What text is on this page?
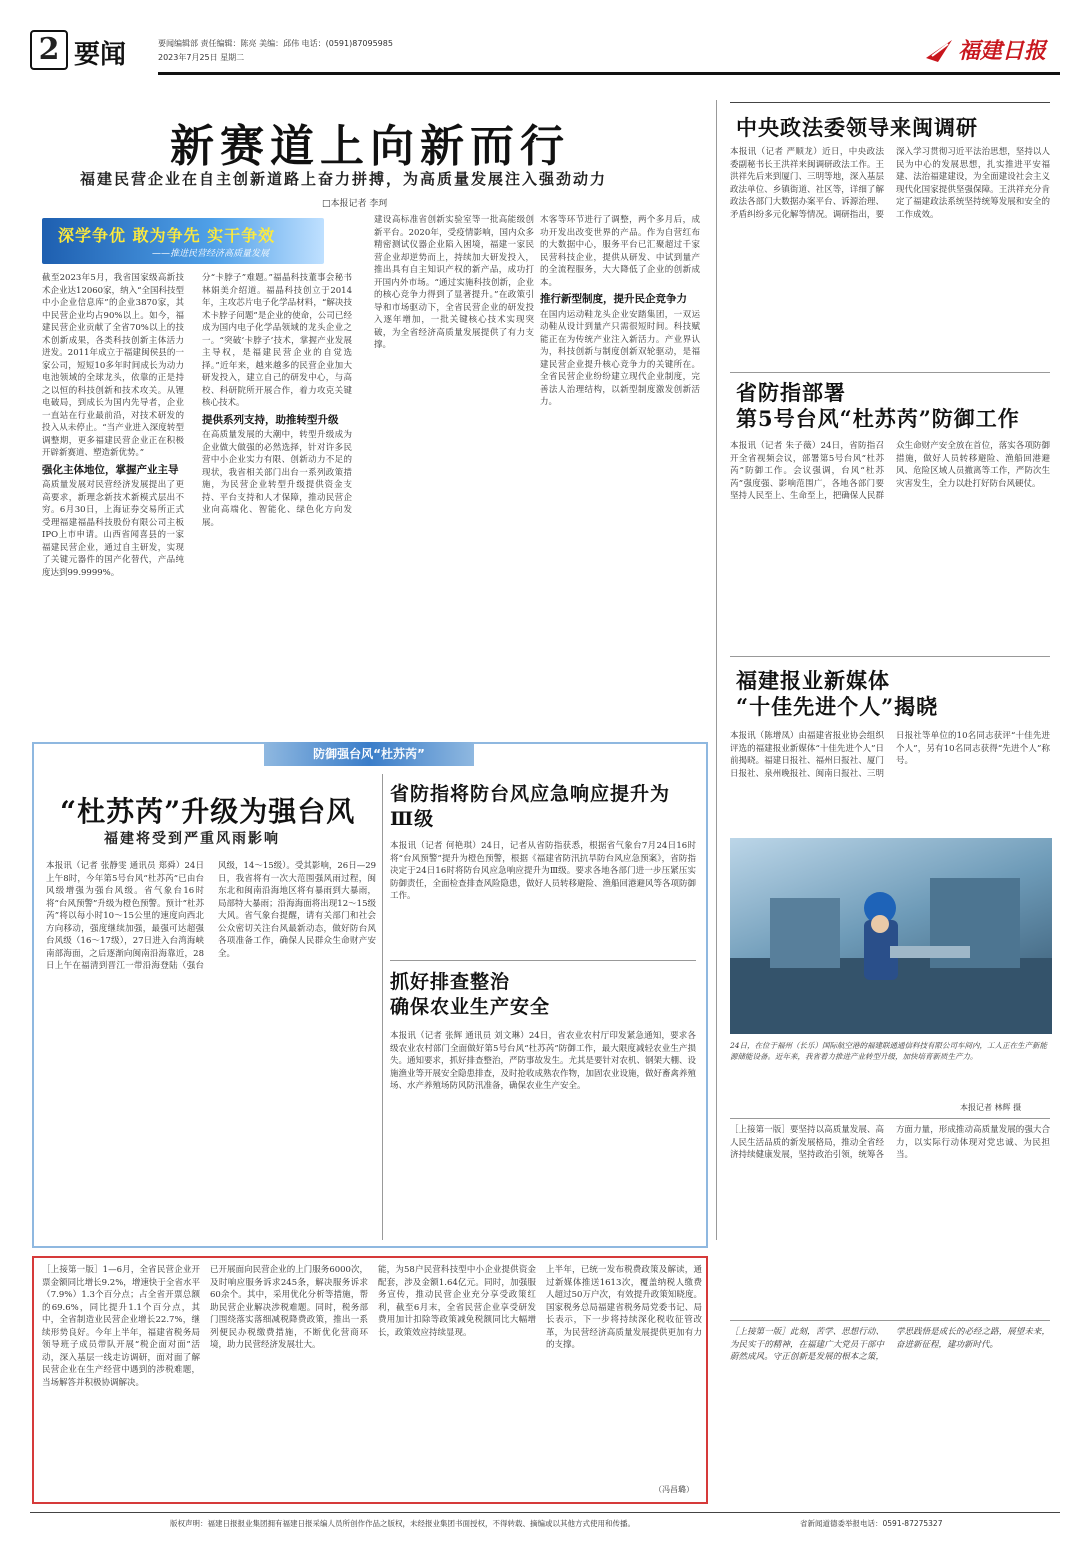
2 要闻	要闻编辑部 责任编辑：陈亮 美编：邱伟 电话：(0591)87095985
2023年7月25日 星期二	福建日报
新赛道上向新而行
福建民营企业在自主创新道路上奋力拼搏，为高质量发展注入强劲动力
□本报记者 李珂
深学争优 敢为争先 实干争效
——推进民营经济高质量发展
截至2023年5月，我省国家级高新技术企业达12060家，纳入“全国科技型中小企业信息库”的企业3870家，其中民营企业均占90%以上。如今，福建民营企业贡献了全省70%以上的技术创新成果，各类科技创新主体活力迸发。2011年成立于福建闽侯县的一家公司，短短10多年时间成长为动力电池领域的全球龙头，依靠的正是持之以恒的科技创新和技术攻关。从锂电破局，到成长为国内先导者，企业一直站在行业最前沿，对技术研发的投入从未停止。“当产业进入深度转型调整期，更多福建民营企业正在积极开辟新赛道、塑造新优势。”
强化主体地位，掌握产业主导
高质量发展对民营经济发展提出了更高要求，新理念新技术新模式层出不穷。6月30日，上海证券交易所正式受理福建福晶科技股份有限公司主板IPO上市申请。山西省闻喜县的一家福建民营企业，通过自主研发，实现了关键元器件的国产化替代，产品纯度达到99.9999%。
分“卡脖子”难题。”福晶科技董事会秘书林娟美介绍道。福晶科技创立于2014年，主攻芯片电子化学品材料，“解决技术卡脖子问题”是企业的使命，公司已经成为国内电子化学品领域的龙头企业之一。“突破‘卡脖子’技术，掌握产业发展主导权，是福建民营企业的自觉选择。”近年来，越来越多的民营企业加大研发投入，建立自己的研发中心，与高校、科研院所开展合作，着力攻克关键核心技术。
提供系列支持，助推转型升级
在高质量发展的大潮中，转型升级成为企业做大做强的必然选择，针对许多民营中小企业实力有限、创新动力不足的现状，我省相关部门出台一系列政策措施，为民营企业转型升级提供资金支持、平台支持和人才保障，推动民营企业向高端化、智能化、绿色化方向发展。
建设高标准省创新实验室等一批高能级创新平台。2020年，受疫情影响，国内众多精密测试仪器企业陷入困境，福建一家民营企业却逆势而上，持续加大研发投入，推出具有自主知识产权的新产品，成功打开国内外市场。“通过实施科技创新，企业的核心竞争力得到了显著提升。”在政策引导和市场驱动下，全省民营企业的研发投入逐年增加，一批关键核心技术实现突破，为全省经济高质量发展提供了有力支撑。
木客等环节进行了调整，两个多月后，成功开发出改变世界的产品。作为自营红布的大数据中心，服务平台已汇聚超过千家民营科技企业，提供从研发、中试到量产的全流程服务，大大降低了企业的创新成本。
推行新型制度，提升民企竞争力
在国内运动鞋龙头企业安踏集团，一双运动鞋从设计到量产只需很短时间。科技赋能正在为传统产业注入新活力。产业界认为，科技创新与制度创新双轮驱动，是福建民营企业提升核心竞争力的关键所在。全省民营企业纷纷建立现代企业制度，完善法人治理结构，以新型制度激发创新活力。
防御强台风“杜苏芮”
“杜苏芮”升级为强台风
福建将受到严重风雨影响
本报讯（记者 张静雯 通讯员 郑舜）24日上午8时，今年第5号台风“杜苏芮”已由台风级增强为强台风级。省气象台16时将“台风预警”升级为橙色预警。预计“杜苏芮”将以每小时10～15公里的速度向西北方向移动，强度继续加强，最强可达超强台风级（16～17级），27日进入台湾海峡南部海面，之后逐渐向闽南沿海靠近，28日上午在福清到晋江一带沿海登陆（强台风级，14～15级）。受其影响，26日—29日，我省将有一次大范围强风雨过程，闽东北和闽南沿海地区将有暴雨到大暴雨，局部特大暴雨；沿海海面将出现12～15级大风。省气象台提醒，请有关部门和社会公众密切关注台风最新动态，做好防台风各项准备工作，确保人民群众生命财产安全。
省防指将防台风应急响应提升为Ⅲ级
本报讯（记者 何艳琪）24日，记者从省防指获悉，根据省气象台7月24日16时将“台风预警”提升为橙色预警，根据《福建省防汛抗旱防台风应急预案》，省防指决定于24日16时将防台风应急响应提升为Ⅲ级。要求各地各部门进一步压紧压实防御责任，全面检查排查风险隐患，做好人员转移避险、渔船回港避风等各项防御工作。
抓好排查整治
确保农业生产安全
本报讯（记者 张辉 通讯员 刘文琳）24日，省农业农村厅印发紧急通知，要求各级农业农村部门全面做好第5号台风“杜苏芮”防御工作，最大限度减轻农业生产损失。通知要求，抓好排查整治，严防事故发生。尤其是要针对农机、钢架大棚、设施渔业等开展安全隐患排查，及时抢收成熟农作物，加固农业设施，做好畜禽养殖场、水产养殖场防风防汛准备，确保农业生产安全。
中央政法委领导来闽调研
本报讯（记者 严顺龙）近日，中央政法委副秘书长王洪祥来闽调研政法工作。王洪祥先后来到厦门、三明等地，深入基层政法单位、乡镇街道、社区等，详细了解政法各部门大数据办案平台、诉源治理、矛盾纠纷多元化解等情况。调研指出，要深入学习贯彻习近平法治思想，坚持以人民为中心的发展思想，扎实推进平安福建、法治福建建设，为全面建设社会主义现代化国家提供坚强保障。王洪祥充分肯定了福建政法系统坚持统筹发展和安全的工作成效。
省防指部署
第5号台风“杜苏芮”防御工作
本报讯（记者 朱子薇）24日，省防指召开全省视频会议，部署第5号台风“杜苏芮”防御工作。会议强调，台风“杜苏芮”强度强、影响范围广，各地各部门要坚持人民至上、生命至上，把确保人民群众生命财产安全放在首位，落实各项防御措施，做好人员转移避险、渔船回港避风、危险区域人员撤离等工作，严防次生灾害发生，全力以赴打好防台风硬仗。
福建报业新媒体
“十佳先进个人”揭晓
本报讯（陈增凤）由福建省报业协会组织评选的福建报业新媒体“十佳先进个人”日前揭晓。福建日报社、福州日报社、厦门日报社、泉州晚报社、闽南日报社、三明日报社等单位的10名同志获评“十佳先进个人”，另有10名同志获得“先进个人”称号。
24日，在位于福州（长乐）国际航空港的福建联通通信科技有限公司车间内，工人正在生产新能源储能设备。近年来，我省着力推进产业转型升级，加快培育新质生产力。
本报记者 林辉 摄
［上接第一版］要坚持以高质量发展、高人民生活品质的新发展格局，推动全省经济持续健康发展，坚持政治引领，统筹各方面力量，形成推动高质量发展的强大合力，以实际行动体现对党忠诚、为民担当。
［上接第一版］此刻，苦学、思想行动、为民实干的精神，在福建广大党员干部中蔚然成风。守正创新是发展的根本之策，学思践悟是成长的必经之路，展望未来，奋进新征程，建功新时代。
［上接第一版］1—6月，全省民营企业开票金额同比增长9.2%，增速快于全省水平（7.9%）1.3个百分点；占全省开票总额的69.6%，同比提升1.1个百分点，其中，全省制造业民营企业增长22.7%，继续形势良好。今年上半年，福建省税务局领导班子成员带队开展“税企面对面”活动，深入基层一线走访调研，面对面了解民营企业在生产经营中遇到的涉税难题，当场解答并积极协调解决。
已开展面向民营企业的上门服务6000次，及时响应服务诉求245条，解决服务诉求60余个。其中，采用优化分析等措施，帮助民营企业解决涉税难题。同时，税务部门围绕落实落细减税降费政策，推出一系列便民办税缴费措施，不断优化营商环境，助力民营经济发展壮大。
能，为58户民营科技型中小企业提供资金配套，涉及金额1.64亿元。同时，加强服务宣传，推动民营企业充分享受政策红利，截至6月末，全省民营企业享受研发费用加计扣除等政策减免税额同比大幅增长，政策效应持续显现。
上半年，已统一发布税费政策及解读，通过新媒体推送1613次，覆盖纳税人缴费人超过50万户次，有效提升政策知晓度。国家税务总局福建省税务局党委书记、局长表示，下一步将持续深化税收征管改革，为民营经济高质量发展提供更加有力的支撑。
（冯昌璐）
版权声明：福建日报报业集团拥有福建日报采编人员所创作作品之版权，未经报业集团书面授权，不得转载、摘编或以其他方式使用和传播。	省新闻道德委举报电话：0591-87275327
